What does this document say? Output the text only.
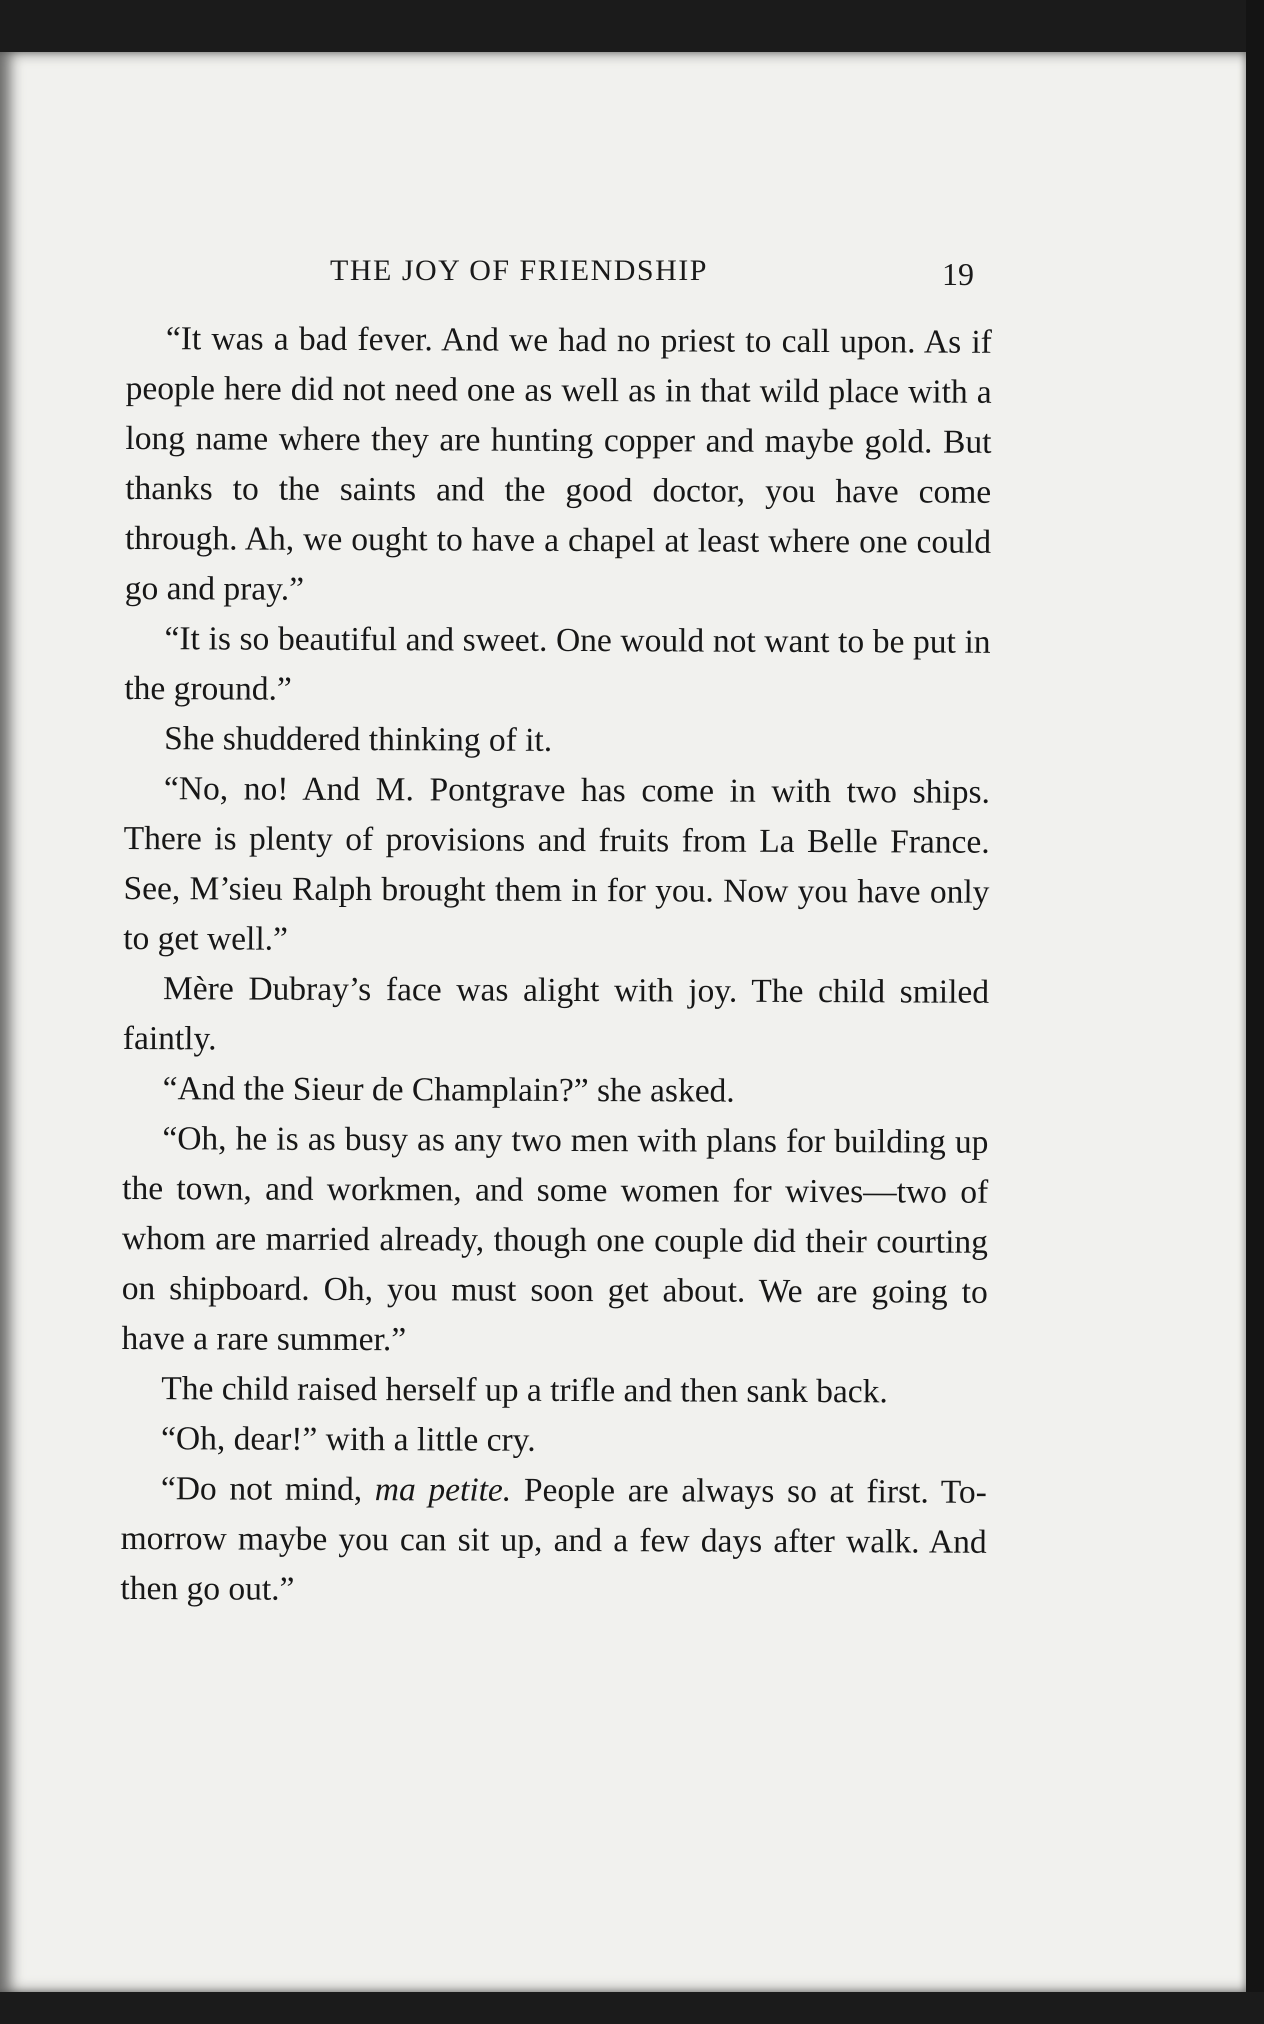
THE JOY OF FRIENDSHIP	19

“It was a bad fever. And we had no priest to call upon. As if people here did not need one as well as in that wild place with a long name where they are hunting copper and maybe gold. But thanks to the saints and the good doctor, you have come through. Ah, we ought to have a chapel at least where one could go and pray.”

“It is so beautiful and sweet. One would not want to be put in the ground.”

She shuddered thinking of it.

“No, no! And M. Pontgrave has come in with two ships. There is plenty of provisions and fruits from La Belle France. See, M’sieu Ralph brought them in for you. Now you have only to get well.”

Mère Dubray’s face was alight with joy. The child smiled faintly.

“And the Sieur de Champlain?” she asked.

“Oh, he is as busy as any two men with plans for building up the town, and workmen, and some women for wives—two of whom are married already, though one couple did their courting on shipboard. Oh, you must soon get about. We are going to have a rare summer.”

The child raised herself up a trifle and then sank back.

“Oh, dear!” with a little cry.

“Do not mind, ma petite. People are always so at first. To-morrow maybe you can sit up, and a few days after walk. And then go out.”
